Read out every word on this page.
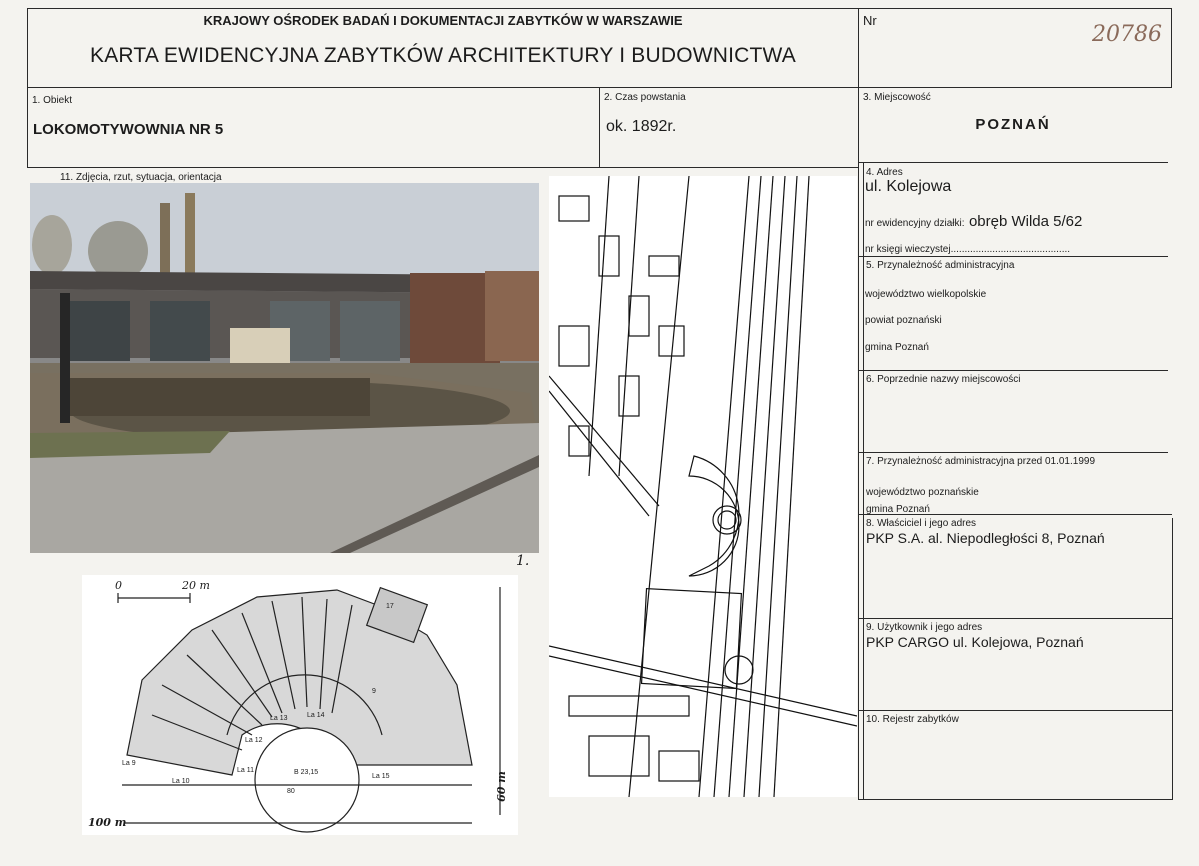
KRAJOWY OŚRODEK BADAŃ I DOKUMENTACJI ZABYTKÓW W WARSZAWIE
KARTA EWIDENCYJNA ZABYTKÓW ARCHITEKTURY I BUDOWNICTWA
Nr
20786
1. Obiekt
LOKOMOTYWOWNIA NR 5
2. Czas powstania
ok. 1892r.
3. Miejscowość
POZNAŃ
11. Zdjęcia, rzut, sytuacja, orientacja	4. Adres
ul. Kolejowa
nr ewidencyjny działki: obręb Wilda 5/62
nr księgi wieczystej...........................................
5. Przynależność administracyjna
województwo wielkopolskie
powiat poznański
gmina Poznań
6. Poprzednie nazwy miejscowości
7. Przynależność administracyjna przed 01.01.1999
województwo poznańskie
gmina Poznań
8. Właściciel i jego adres
PKP S.A. al. Niepodległości 8, Poznań
9. Użytkownik i jego adres
PKP CARGO ul. Kolejowa, Poznań
10. Rejestr zabytków
1.
0	20 m
100 m
60 m
17
9
La 13	La 14
La 12
La 11
La 9
La 10
La 15
80
B 23,15
